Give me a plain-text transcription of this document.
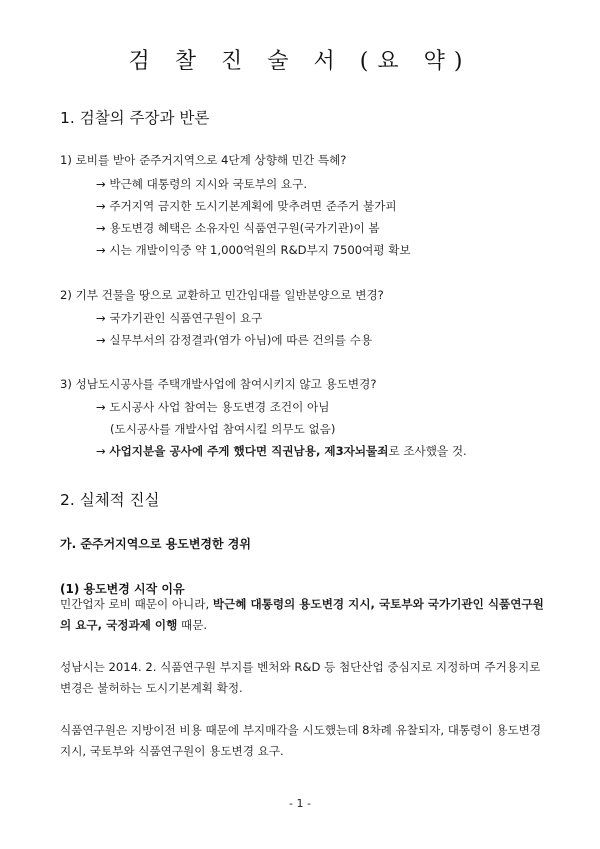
검 찰 진 술 서 (요 약)
1. 검찰의 주장과 반론
1) 로비를 받아 준주거지역으로 4단계 상향해 민간 특혜?
→ 박근혜 대통령의 지시와 국토부의 요구.
→ 주거지역 금지한 도시기본계획에 맞추려면 준주거 불가피
→ 용도변경 혜택은 소유자인 식품연구원(국가기관)이 봄
→ 시는 개발이익중 약 1,000억원의 R&D부지 7500여평 확보
2) 기부 건물을 땅으로 교환하고 민간임대를 일반분양으로 변경?
→ 국가기관인 식품연구원이 요구
→ 실무부서의 감정결과(염가 아님)에 따른 건의를 수용
3) 성남도시공사를 주택개발사업에 참여시키지 않고 용도변경?
→ 도시공사 사업 참여는 용도변경 조건이 아님
(도시공사를 개발사업 참여시킬 의무도 없음)
→ 사업지분을 공사에 주게 했다면 직권남용, 제3자뇌물죄로 조사했을 것.
2. 실체적 진실
가. 준주거지역으로 용도변경한 경위
(1) 용도변경 시작 이유
민간업자 로비 때문이 아니라, 박근혜 대통령의 용도변경 지시, 국토부와 국가기관인 식품연구원의 요구, 국정과제 이행 때문.
성남시는 2014. 2. 식품연구원 부지를 벤처와 R&D 등 첨단산업 중심지로 지정하며 주거용지로 변경은 불허하는 도시기본계획 확정.
식품연구원은 지방이전 비용 때문에 부지매각을 시도했는데 8차례 유찰되자, 대통령이 용도변경 지시, 국토부와 식품연구원이 용도변경 요구.
- 1 -
